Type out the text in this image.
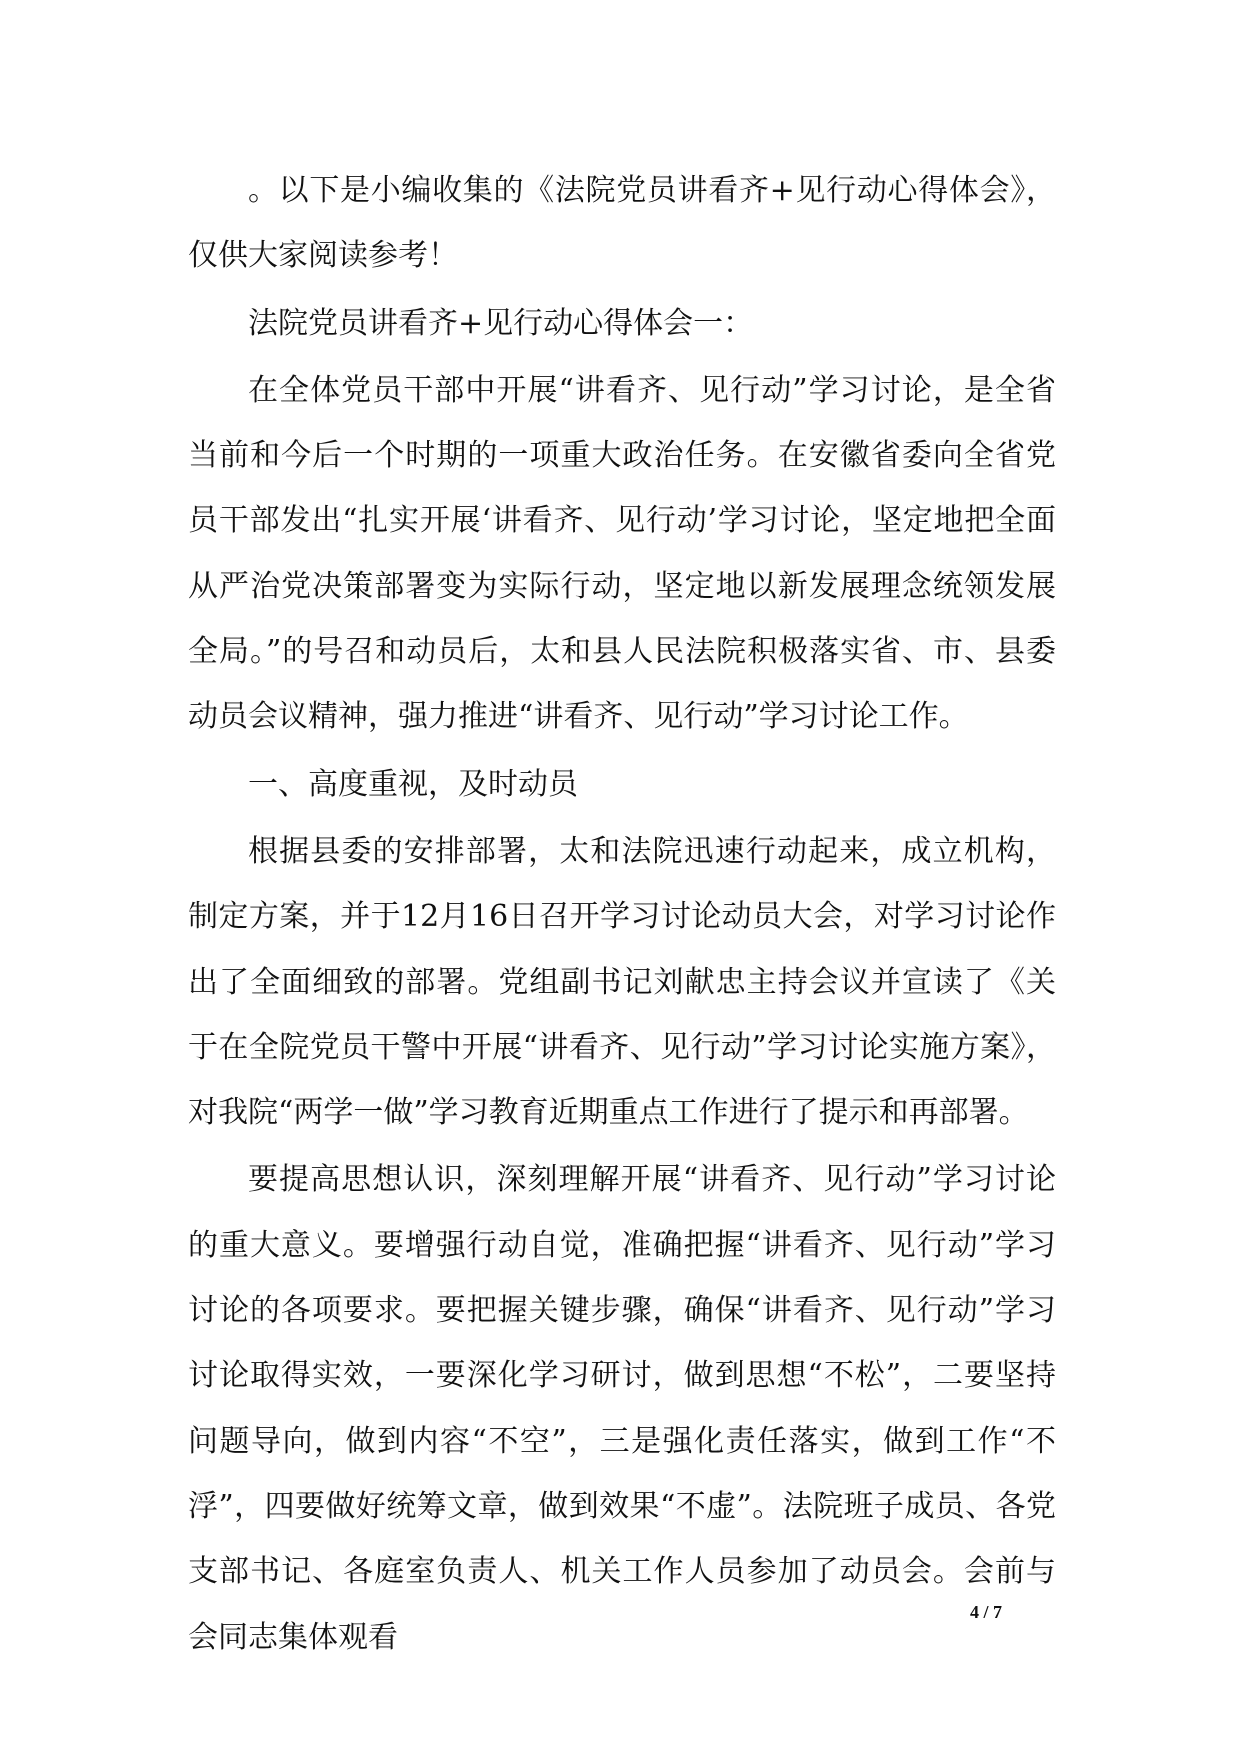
。以下是小编收集的《法院党员讲看齐+见行动心得体会》，仅供大家阅读参考！

法院党员讲看齐+见行动心得体会一：

在全体党员干部中开展“讲看齐、见行动”学习讨论，是全省当前和今后一个时期的一项重大政治任务。在安徽省委向全省党员干部发出“扎实开展‘讲看齐、见行动’学习讨论，坚定地把全面从严治党决策部署变为实际行动，坚定地以新发展理念统领发展全局。”的号召和动员后，太和县人民法院积极落实省、市、县委动员会议精神，强力推进“讲看齐、见行动”学习讨论工作。

一、高度重视，及时动员

根据县委的安排部署，太和法院迅速行动起来，成立机构，制定方案，并于12月16日召开学习讨论动员大会，对学习讨论作出了全面细致的部署。党组副书记刘献忠主持会议并宣读了《关于在全院党员干警中开展“讲看齐、见行动”学习讨论实施方案》，对我院“两学一做”学习教育近期重点工作进行了提示和再部署。

要提高思想认识，深刻理解开展“讲看齐、见行动”学习讨论的重大意义。要增强行动自觉，准确把握“讲看齐、见行动”学习讨论的各项要求。要把握关键步骤，确保“讲看齐、见行动”学习讨论取得实效，一要深化学习研讨，做到思想“不松”，二要坚持问题导向，做到内容“不空”，三是强化责任落实，做到工作“不浮”，四要做好统筹文章，做到效果“不虚”。法院班子成员、各党支部书记、各庭室负责人、机关工作人员参加了动员会。会前与会同志集体观看

4 / 7
